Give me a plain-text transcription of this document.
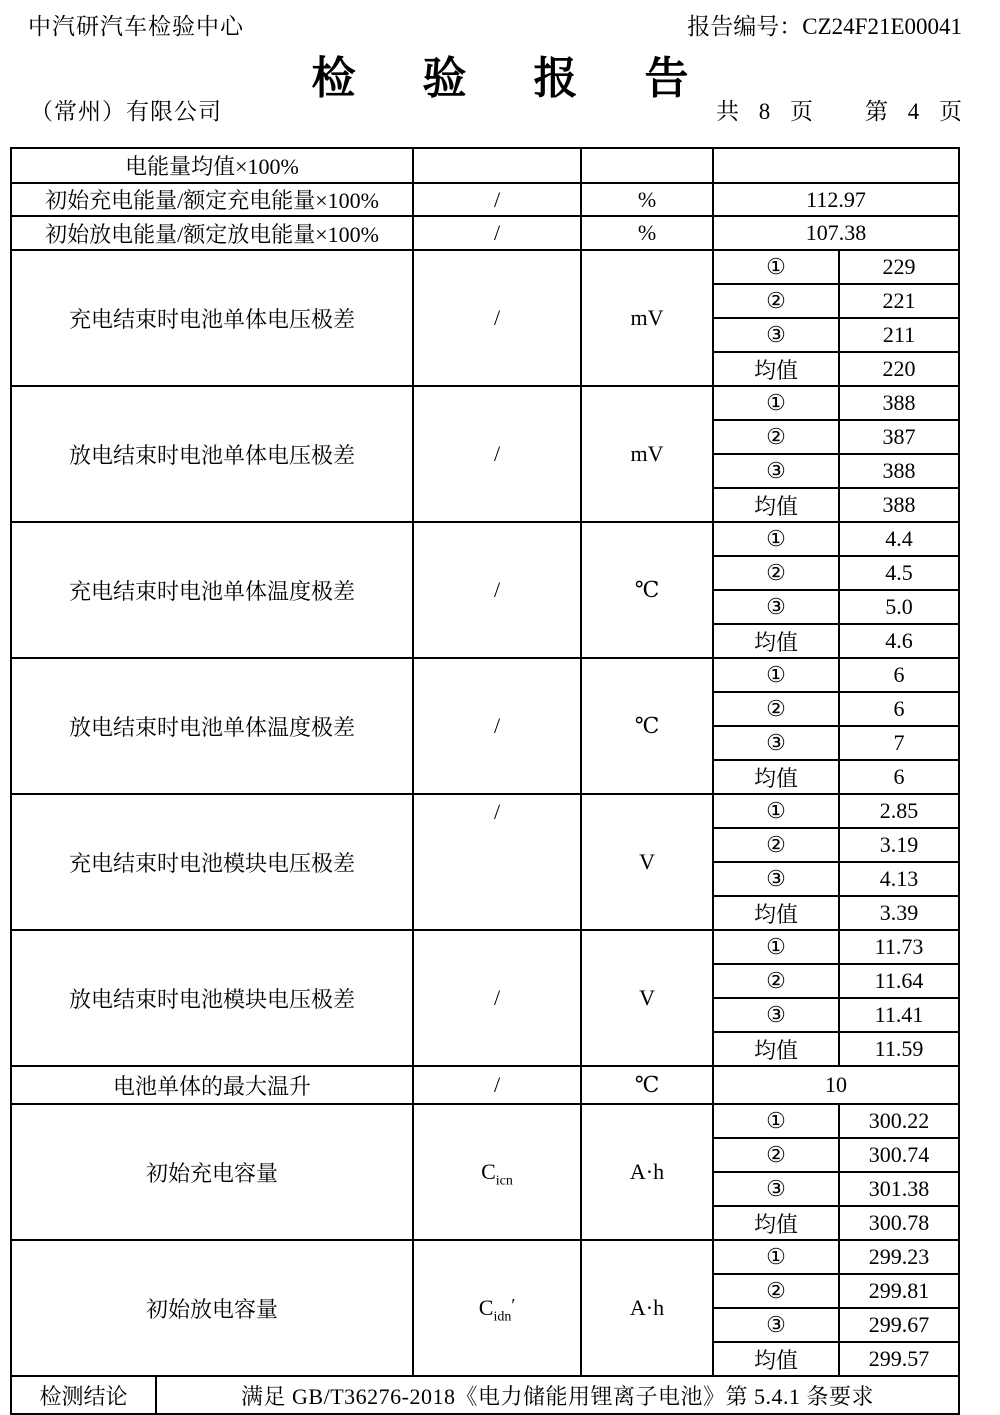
中汽研汽车检验中心	报告编号：CZ24F21E00041
检 验 报 告
（常州）有限公司	共 8 页 第 4 页
电能量均值×100%					
初始充电能量/额定充电能量×100%		/	%	112.97	
初始放电能量/额定放电能量×100%		/	%	107.38	
充电结束时电池单体电压极差		/	mV	①	229
				②	221
				③	211
				均值	220
放电结束时电池单体电压极差		/	mV	①	388
				②	387
				③	388
				均值	388
充电结束时电池单体温度极差		/	℃	①	4.4
				②	4.5
				③	5.0
				均值	4.6
放电结束时电池单体温度极差		/	℃	①	6
				②	6
				③	7
				均值	6
充电结束时电池模块电压极差		/	V	①	2.85
				②	3.19
				③	4.13
				均值	3.39
放电结束时电池模块电压极差		/	V	①	11.73
				②	11.64
				③	11.41
				均值	11.59
电池单体的最大温升		/	℃	10	
初始充电容量		$C_{icn}$	A·h	①	300.22
				②	300.74
				③	301.38
				均值	300.78
初始放电容量		$C_{idn}'$	A·h	①	299.23
				②	299.81
				③	299.67
				均值	299.57
检测结论	满足 GB/T36276-2018《电力储能用锂离子电池》第 5.4.1 条要求				
